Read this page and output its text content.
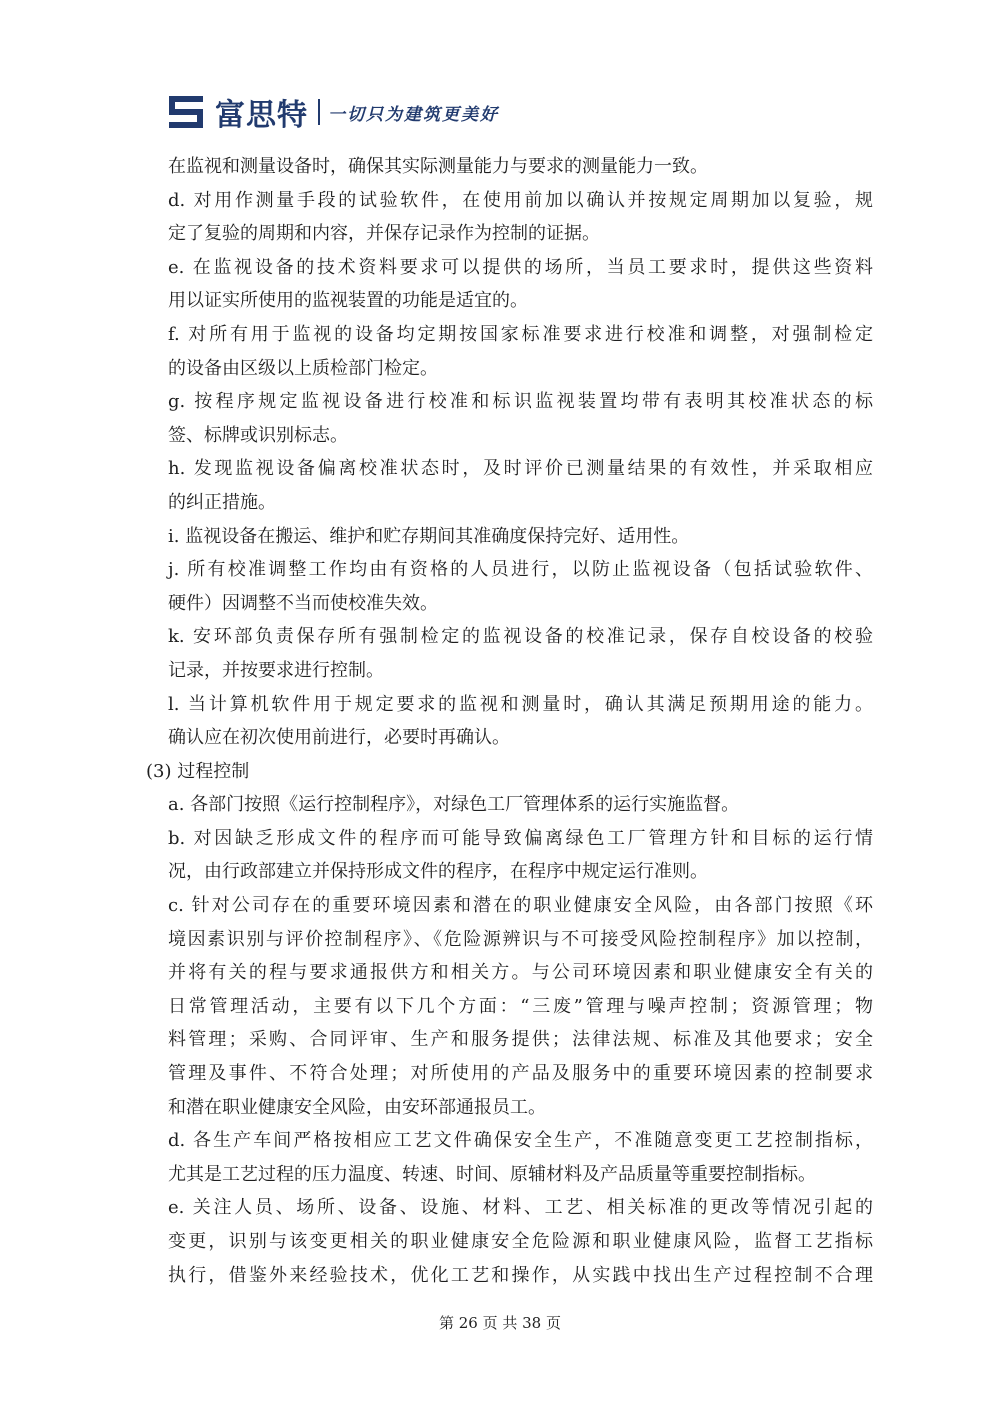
富思特 一切只为建筑更美好
在监视和测量设备时，确保其实际测量能力与要求的测量能力一致。
d. 对用作测量手段的试验软件，在使用前加以确认并按规定周期加以复验，规
定了复验的周期和内容，并保存记录作为控制的证据。
e. 在监视设备的技术资料要求可以提供的场所，当员工要求时，提供这些资料
用以证实所使用的监视装置的功能是适宜的。
f. 对所有用于监视的设备均定期按国家标准要求进行校准和调整，对强制检定
的设备由区级以上质检部门检定。
g. 按程序规定监视设备进行校准和标识监视装置均带有表明其校准状态的标
签、标牌或识别标志。
h. 发现监视设备偏离校准状态时，及时评价已测量结果的有效性，并采取相应
的纠正措施。
i. 监视设备在搬运、维护和贮存期间其准确度保持完好、适用性。
j. 所有校准调整工作均由有资格的人员进行，以防止监视设备（包括试验软件、
硬件）因调整不当而使校准失效。
k. 安环部负责保存所有强制检定的监视设备的校准记录，保存自校设备的校验
记录，并按要求进行控制。
l. 当计算机软件用于规定要求的监视和测量时，确认其满足预期用途的能力。
确认应在初次使用前进行，必要时再确认。
(3) 过程控制
a. 各部门按照《运行控制程序》，对绿色工厂管理体系的运行实施监督。
b. 对因缺乏形成文件的程序而可能导致偏离绿色工厂管理方针和目标的运行情
况，由行政部建立并保持形成文件的程序，在程序中规定运行准则。
c. 针对公司存在的重要环境因素和潜在的职业健康安全风险，由各部门按照《环
境因素识别与评价控制程序》、《危险源辨识与不可接受风险控制程序》加以控制，
并将有关的程与要求通报供方和相关方。与公司环境因素和职业健康安全有关的
日常管理活动，主要有以下几个方面：“三废”管理与噪声控制；资源管理；物
料管理；采购、合同评审、生产和服务提供；法律法规、标准及其他要求；安全
管理及事件、不符合处理；对所使用的产品及服务中的重要环境因素的控制要求
和潜在职业健康安全风险，由安环部通报员工。
d. 各生产车间严格按相应工艺文件确保安全生产，不准随意变更工艺控制指标，
尤其是工艺过程的压力温度、转速、时间、原辅材料及产品质量等重要控制指标。
e. 关注人员、场所、设备、设施、材料、工艺、相关标准的更改等情况引起的
变更，识别与该变更相关的职业健康安全危险源和职业健康风险，监督工艺指标
执行，借鉴外来经验技术，优化工艺和操作，从实践中找出生产过程控制不合理
第 26 页 共 38 页
